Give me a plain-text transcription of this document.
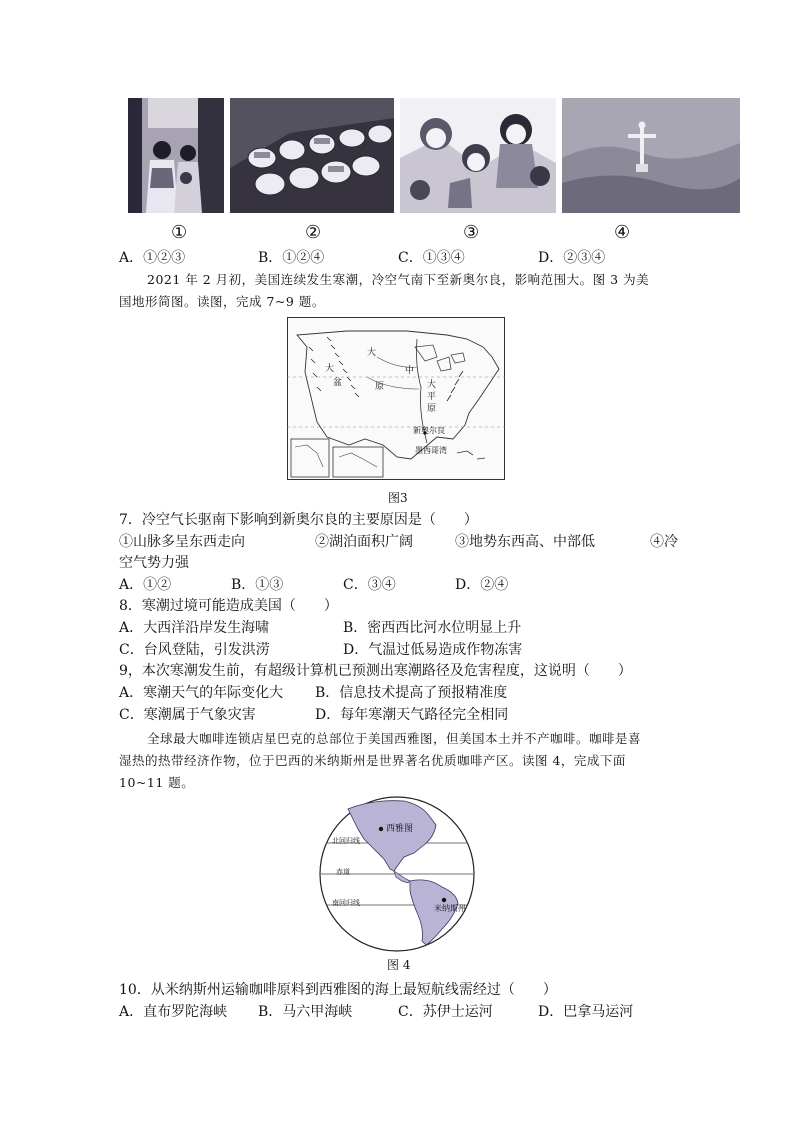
①	②	③	④
A．①②③	B．①②④	C．①③④	D．②③④
2021 年 2 月初，美国连续发生寒潮，冷空气南下至新奥尔良，影响范围大。图 3 为美
国地形简图。读图，完成 7~9 题。
大
大	中
盆	原	大
平
原
新奥尔良
墨西哥湾
图3
7．冷空气长驱南下影响到新奥尔良的主要原因是（　　）
①山脉多呈东西走向	②湖泊面积广阔	③地势东西高、中部低	④冷
空气势力强
A．①②	B．①③	C．③④	D．②④
8．寒潮过境可能造成美国（　　）
A．大西洋沿岸发生海啸	B．密西西比河水位明显上升
C．台风登陆，引发洪涝	D．气温过低易造成作物冻害
9，本次寒潮发生前，有超级计算机已预测出寒潮路径及危害程度，这说明（　　）
A．寒潮天气的年际变化大 B．信息技术提高了预报精准度
C．寒潮属于气象灾害	D．每年寒潮天气路径完全相同
全球最大咖啡连锁店星巴克的总部位于美国西雅图，但美国本土并不产咖啡。咖啡是喜
湿热的热带经济作物，位于巴西的米纳斯州是世界著名优质咖啡产区。读图 4，完成下面
10~11 题。
西雅图
北回归线
赤道
南回归线
米纳斯州
图 4
10．从米纳斯州运输咖啡原料到西雅图的海上最短航线需经过（　　）
A．直布罗陀海峡 B．马六甲海峡	C．苏伊士运河	D．巴拿马运河
